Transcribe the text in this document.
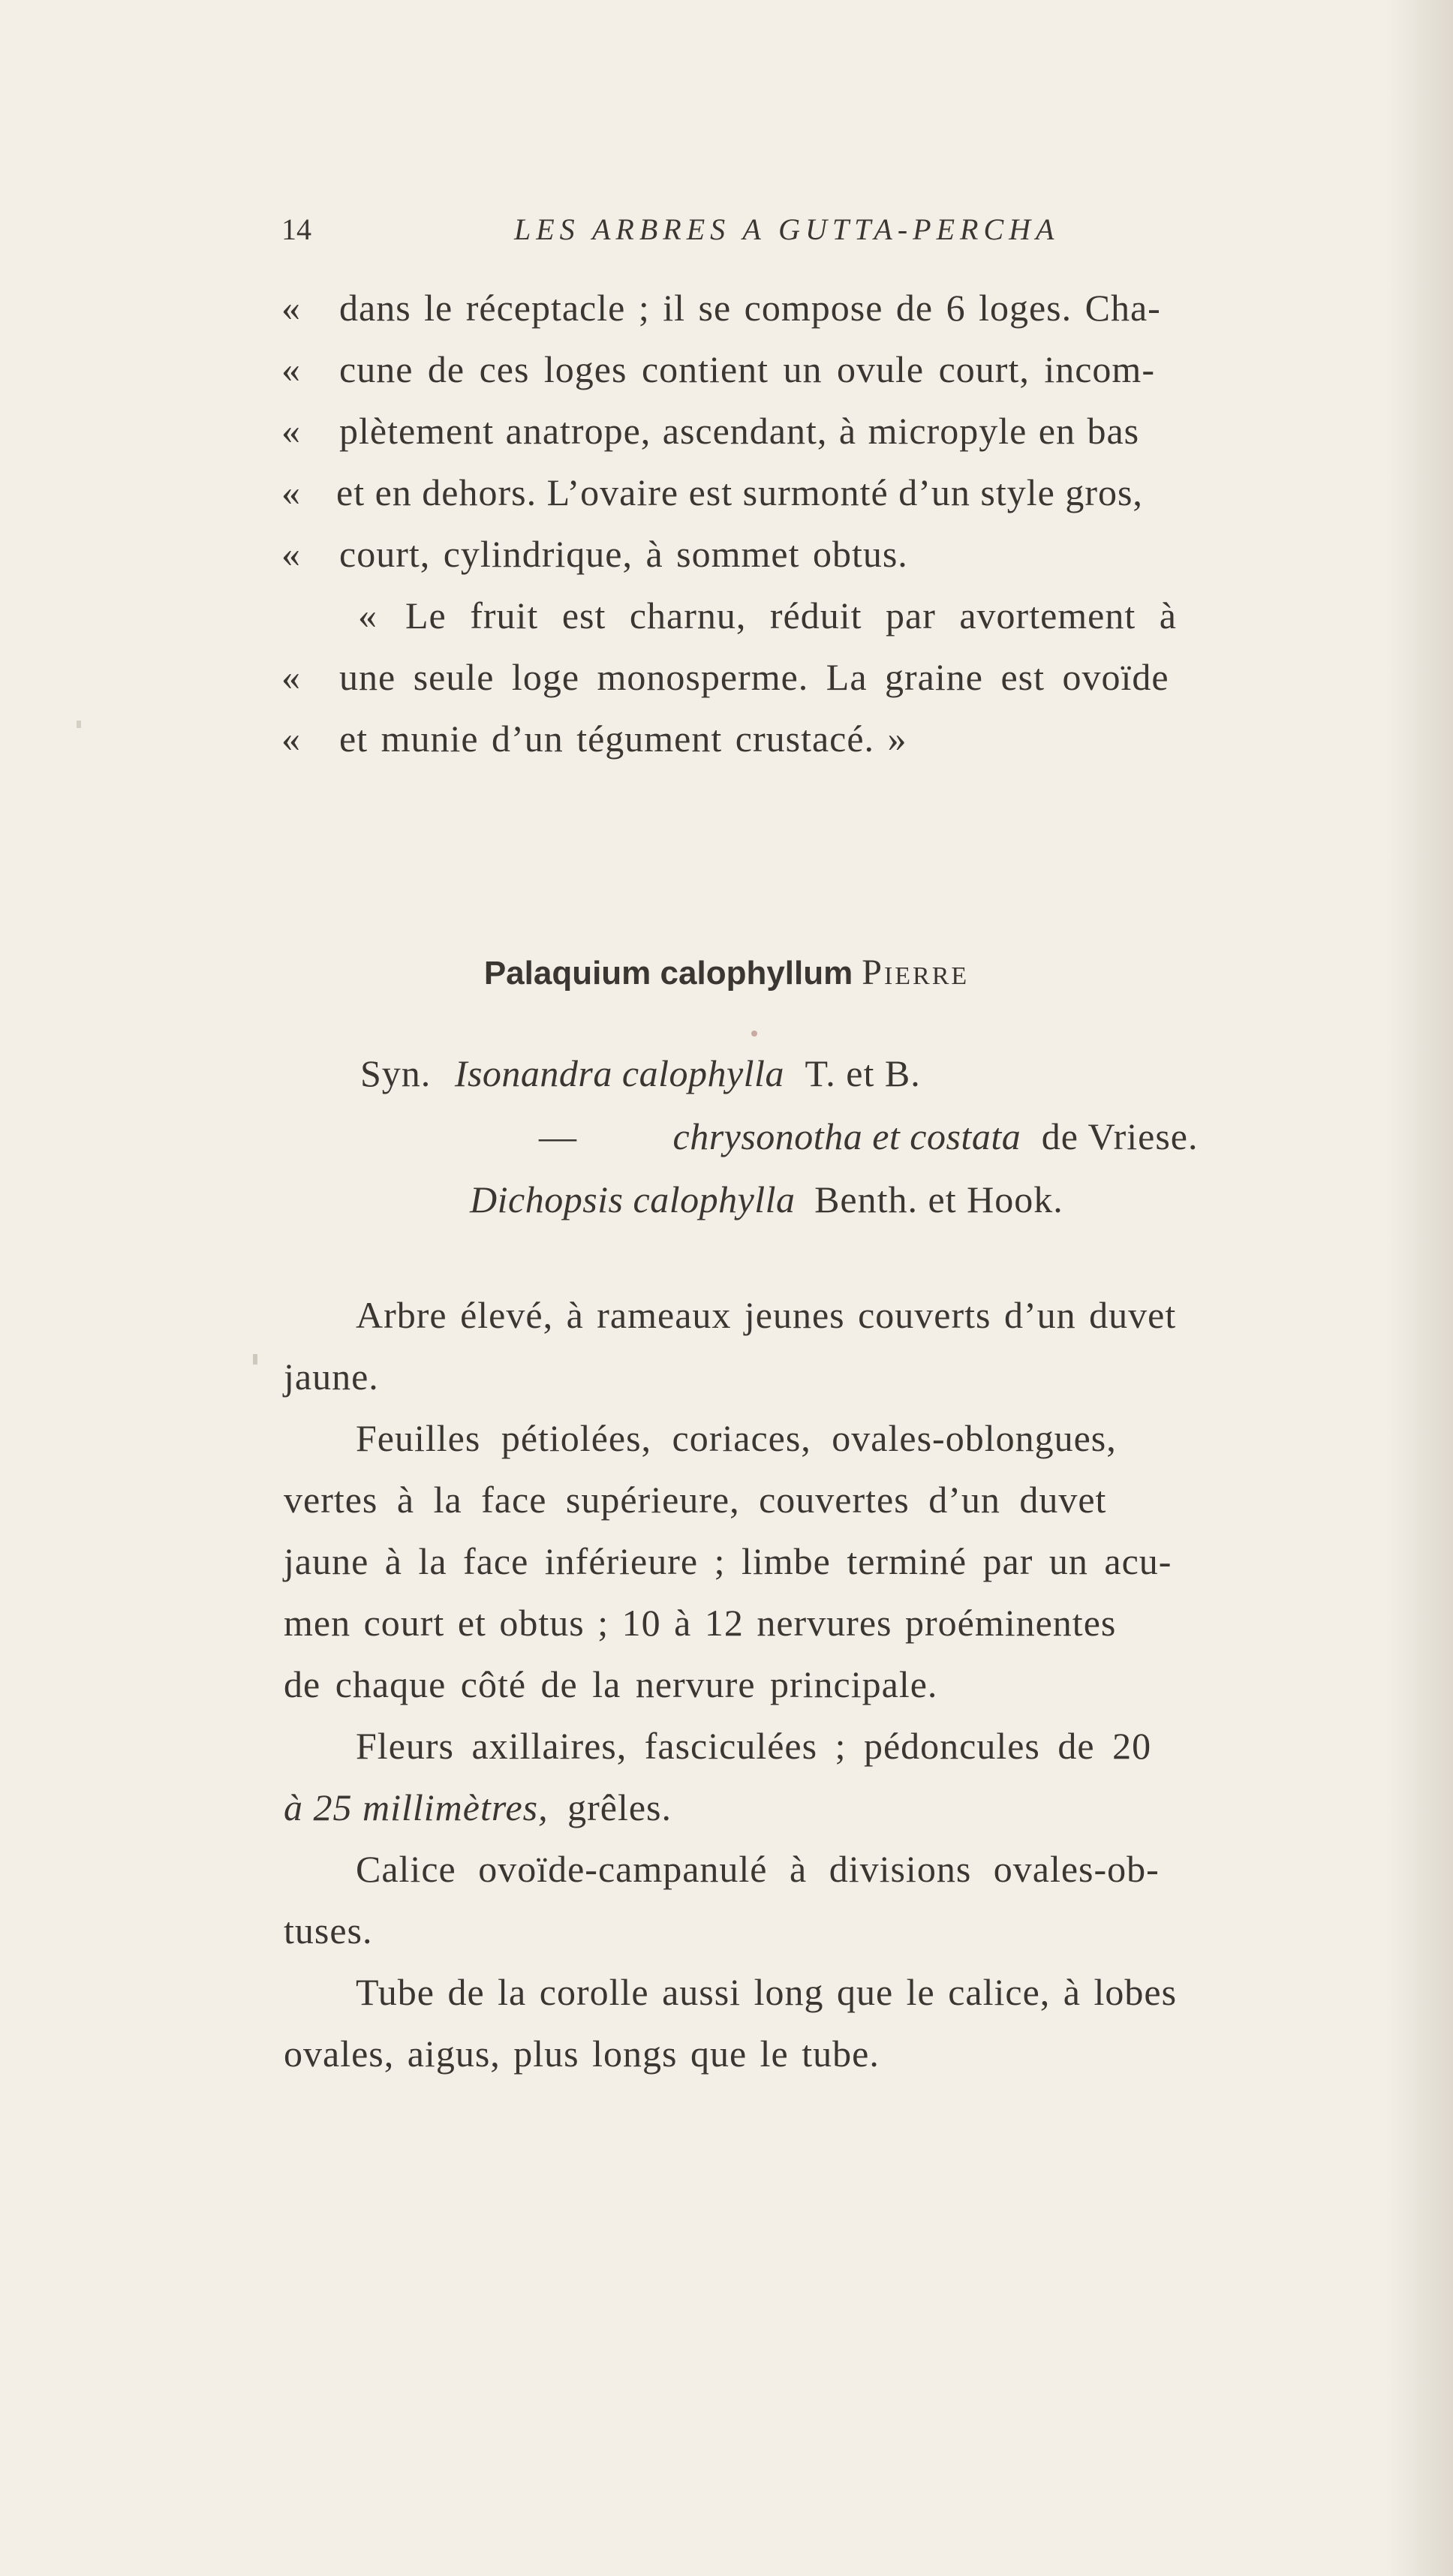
14	LES ARBRES A GUTTA-PERCHA
« dans le réceptacle ; il se compose de 6 loges. Cha-
« cune de ces loges contient un ovule court, incom-
« plètement anatrope, ascendant, à micropyle en bas
« et en dehors. L’ovaire est surmonté d’un style gros,
« court, cylindrique, à sommet obtus.
« Le fruit est charnu, réduit par avortement à
« une seule loge monosperme. La graine est ovoïde
« et munie d’un tégument crustacé. »
Palaquium calophyllum Pierre
Syn. Isonandra calophylla T. et B.
—	chrysonotha et costata de Vriese.
Dichopsis calophylla Benth. et Hook.
Arbre élevé, à rameaux jeunes couverts d’un duvet
jaune.
Feuilles pétiolées, coriaces, ovales-oblongues,
vertes à la face supérieure, couvertes d’un duvet
jaune à la face inférieure ; limbe terminé par un acu-
men court et obtus ; 10 à 12 nervures proéminentes
de chaque côté de la nervure principale.
Fleurs axillaires, fasciculées ; pédoncules de 20
à 25 millimètres, grêles.
Calice ovoïde-campanulé à divisions ovales-ob-
tuses.
Tube de la corolle aussi long que le calice, à lobes
ovales, aigus, plus longs que le tube.
